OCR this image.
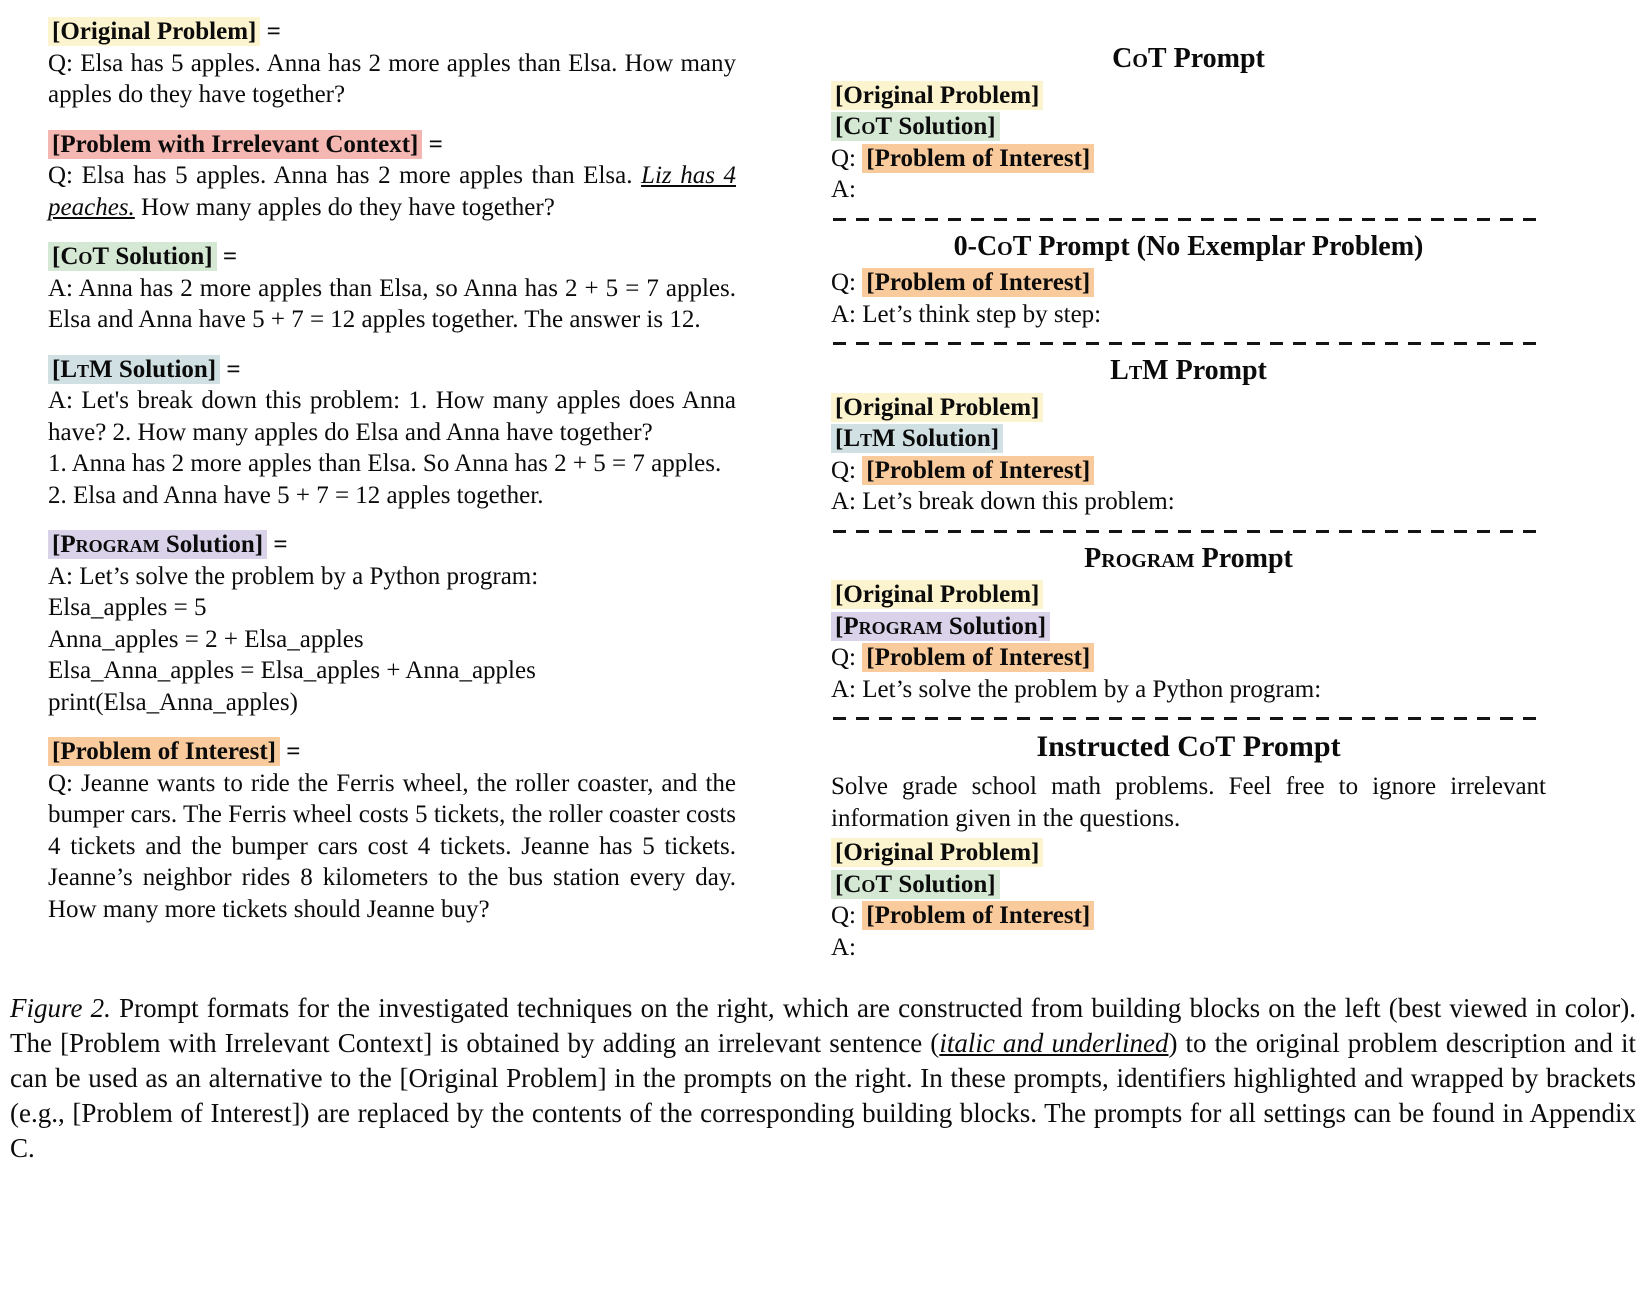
[Original Problem] =
Q: Elsa has 5 apples. Anna has 2 more apples than Elsa. How many apples do they have together?
[Problem with Irrelevant Context] =
Q: Elsa has 5 apples. Anna has 2 more apples than Elsa. Liz has 4 peaches. How many apples do they have together?
[CoT Solution] =
A: Anna has 2 more apples than Elsa, so Anna has 2 + 5 = 7 apples. Elsa and Anna have 5 + 7 = 12 apples together. The answer is 12.
[LtM Solution] =
A: Let's break down this problem: 1. How many apples does Anna have? 2. How many apples do Elsa and Anna have together?
1. Anna has 2 more apples than Elsa. So Anna has 2 + 5 = 7 apples.
2. Elsa and Anna have 5 + 7 = 12 apples together.
[Program Solution] =
A: Let’s solve the problem by a Python program:
Elsa_apples = 5
Anna_apples = 2 + Elsa_apples
Elsa_Anna_apples = Elsa_apples + Anna_apples
print(Elsa_Anna_apples)
[Problem of Interest] =
Q: Jeanne wants to ride the Ferris wheel, the roller coaster, and the bumper cars. The Ferris wheel costs 5 tickets, the roller coaster costs 4 tickets and the bumper cars cost 4 tickets. Jeanne has 5 tickets. Jeanne’s neighbor rides 8 kilometers to the bus station every day. How many more tickets should Jeanne buy?
CoT Prompt
[Original Problem]
[CoT Solution]
Q: [Problem of Interest]
A:
0-CoT Prompt (No Exemplar Problem)
Q: [Problem of Interest]
A: Let’s think step by step:
LtM Prompt
[Original Problem]
[LtM Solution]
Q: [Problem of Interest]
A: Let’s break down this problem:
Program Prompt
[Original Problem]
[Program Solution]
Q: [Problem of Interest]
A: Let’s solve the problem by a Python program:
Instructed CoT Prompt
Solve grade school math problems. Feel free to ignore irrelevant information given in the questions.
[Original Problem]
[CoT Solution]
Q: [Problem of Interest]
A:

Figure 2. Prompt formats for the investigated techniques on the right, which are constructed from building blocks on the left (best viewed in color). The [Problem with Irrelevant Context] is obtained by adding an irrelevant sentence (italic and underlined) to the original problem description and it can be used as an alternative to the [Original Problem] in the prompts on the right. In these prompts, identifiers highlighted and wrapped by brackets (e.g., [Problem of Interest]) are replaced by the contents of the corresponding building blocks. The prompts for all settings can be found in Appendix C.
